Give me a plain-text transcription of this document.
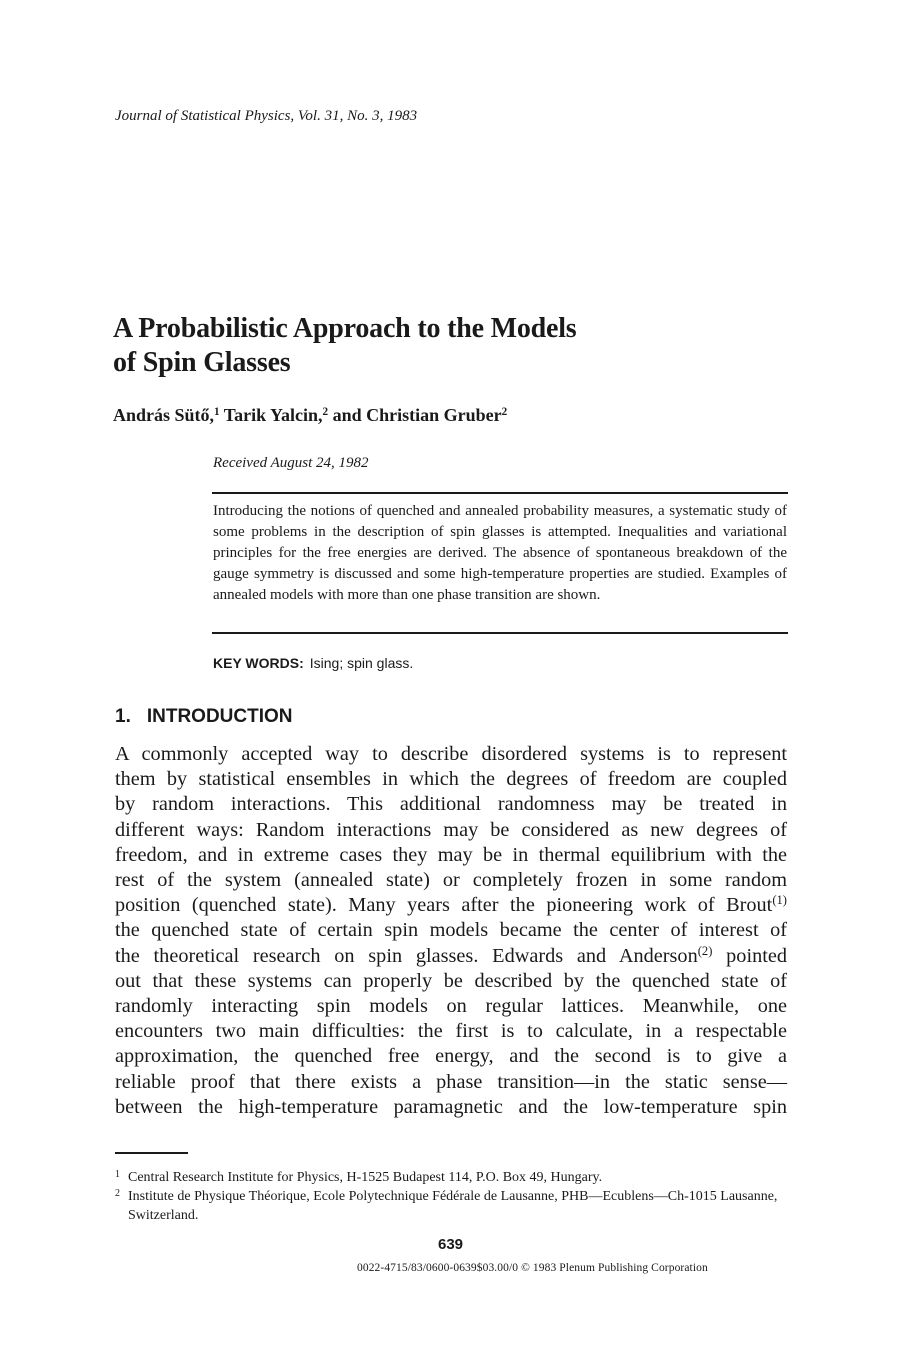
Journal of Statistical Physics, Vol. 31, No. 3, 1983
A Probabilistic Approach to the Models
of Spin Glasses
András Sütő,$^1$ Tarik Yalcin,$^2$ and Christian Gruber$^2$
Received August 24, 1982
Introducing the notions of quenched and annealed probability measures, a systematic study of some problems in the description of spin glasses is attempted. Inequalities and variational principles for the free energies are derived. The absence of spontaneous breakdown of the gauge symmetry is discussed and some high-temperature properties are studied. Examples of annealed models with more than one phase transition are shown.
KEY WORDS: Ising; spin glass.
1. INTRODUCTION
A commonly accepted way to describe disordered systems is to represent
them by statistical ensembles in which the degrees of freedom are coupled
by random interactions. This additional randomness may be treated in
different ways: Random interactions may be considered as new degrees of
freedom, and in extreme cases they may be in thermal equilibrium with the
rest of the system (annealed state) or completely frozen in some random
position (quenched state). Many years after the pioneering work of Brout$^{(1)}$
the quenched state of certain spin models became the center of interest of
the theoretical research on spin glasses. Edwards and Anderson$^{(2)}$ pointed
out that these systems can properly be described by the quenched state of
randomly interacting spin models on regular lattices. Meanwhile, one
encounters two main difficulties: the first is to calculate, in a respectable
approximation, the quenched free energy, and the second is to give a
reliable proof that there exists a phase transition—in the static sense—
between the high-temperature paramagnetic and the low-temperature spin
1 Central Research Institute for Physics, H-1525 Budapest 114, P.O. Box 49, Hungary.
2 Institute de Physique Théorique, Ecole Polytechnique Fédérale de Lausanne, PHB—Ecublens—Ch-1015 Lausanne, Switzerland.
639
0022-4715/83/0600-0639$03.00/0 © 1983 Plenum Publishing Corporation
